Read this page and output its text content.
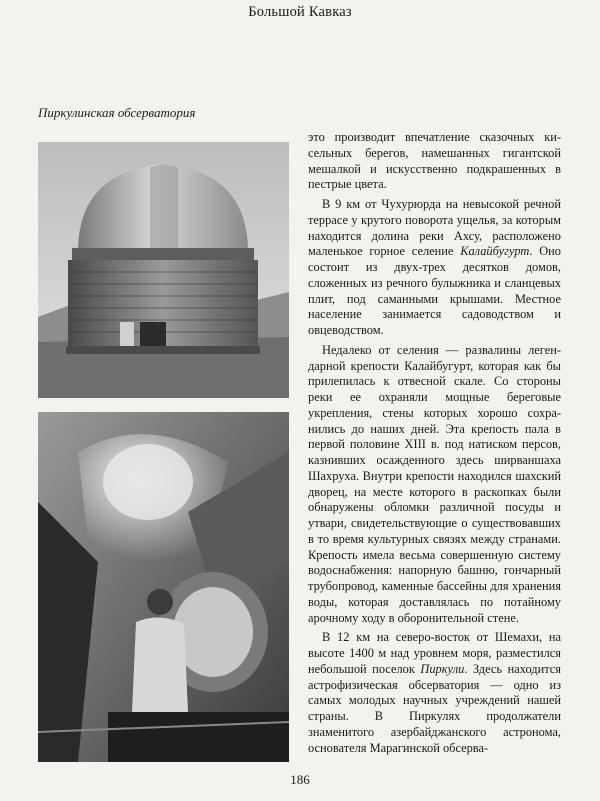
Большой Кавказ
Пиркулинская обсерватория

это производит впечатление сказочных кисельных берегов, намешанных гигантской мешалкой и искусственно подкрашенных в пестрые цвета.

В 9 км от Чухурюрда на невысокой речной террасе у крутого поворота ущелья, за которым находится долина реки Ахсу, расположено маленькое горное селение Калайбугурт. Оно состоит из двух-трех десятков домов, сложенных из речного булыжника и сланцевых плит, под саманными крышами. Местное население занимается садоводством и овцеводством.

Недалеко от селения — развалины легендарной крепости Калайбугурт, которая как бы прилепилась к отвесной скале. Со стороны реки ее охраняли мощные береговые укрепления, стены которых хорошо сохранились до наших дней. Эта крепость пала в первой половине XIII в. под натиском персов, казнивших осажденного здесь ширваншаха Шахруха. Внутри крепости находился шахский дворец, на месте которого в раскопках были обнаружены обломки различной посуды и утвари, свидетельствующие о существовавших в то время культурных связях между странами. Крепость имела весьма совершенную систему водоснабжения: напорную башню, гончарный трубопровод, каменные бассейны для хранения воды, которая доставлялась по потайному арочному ходу в оборонительной стене.

В 12 км на северо-восток от Шемахи, на высоте 1400 м над уровнем моря, разместился небольшой поселок Пиркули. Здесь находится астрофизическая обсерватория — одно из самых молодых научных учреждений нашей страны. В Пиркулях продолжатели знаменитого азербайджанского астронома, основателя Марагинской обсерва-

186
